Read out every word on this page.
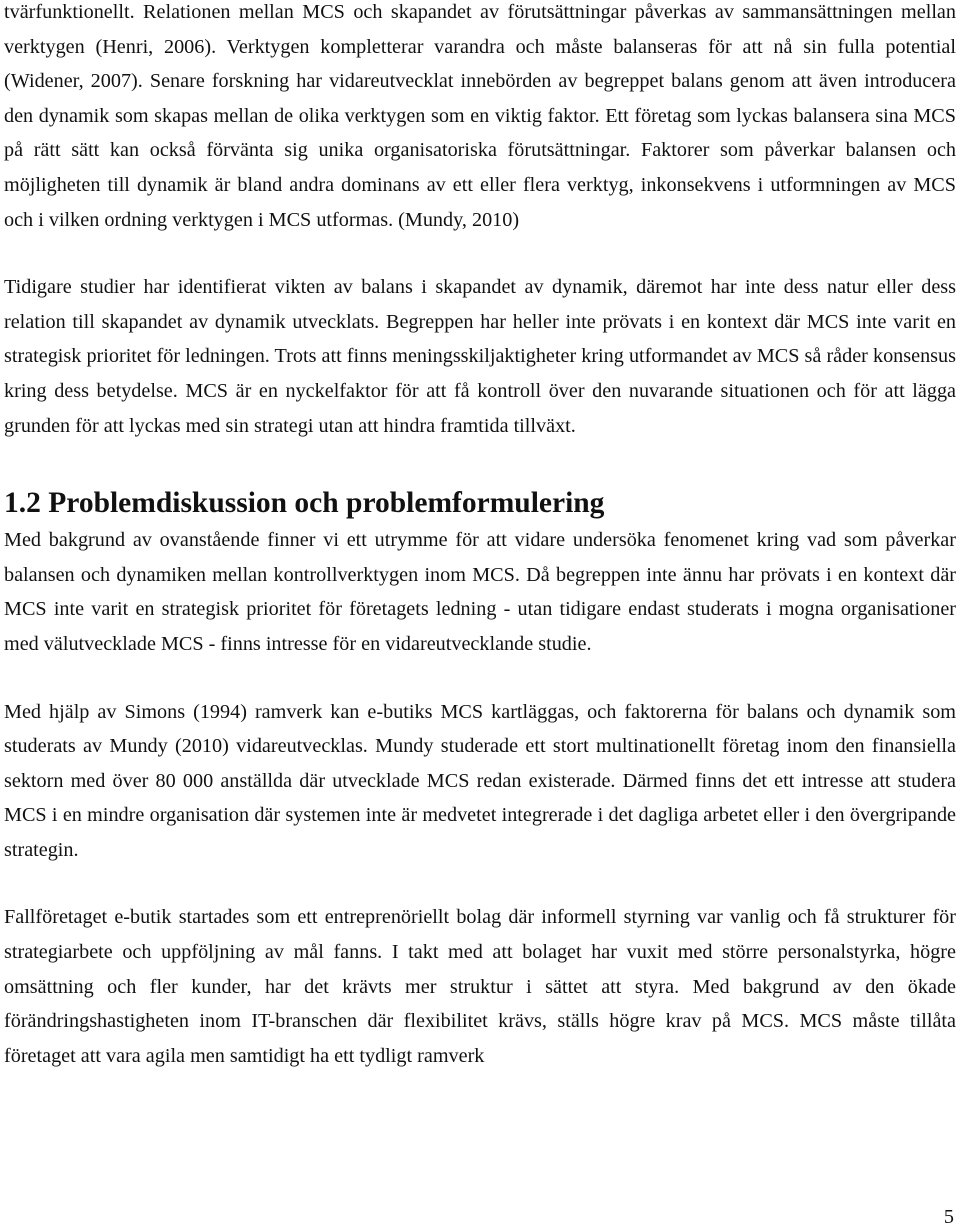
tvärfunktionellt. Relationen mellan MCS och skapandet av förutsättningar påverkas av sammansättningen mellan verktygen (Henri, 2006). Verktygen kompletterar varandra och måste balanseras för att nå sin fulla potential (Widener, 2007). Senare forskning har vidareutvecklat innebörden av begreppet balans genom att även introducera den dynamik som skapas mellan de olika verktygen som en viktig faktor. Ett företag som lyckas balansera sina MCS på rätt sätt kan också förvänta sig unika organisatoriska förutsättningar. Faktorer som påverkar balansen och möjligheten till dynamik är bland andra dominans av ett eller flera verktyg, inkonsekvens i utformningen av MCS och i vilken ordning verktygen i MCS utformas. (Mundy, 2010)

Tidigare studier har identifierat vikten av balans i skapandet av dynamik, däremot har inte dess natur eller dess relation till skapandet av dynamik utvecklats. Begreppen har heller inte prövats i en kontext där MCS inte varit en strategisk prioritet för ledningen. Trots att finns meningsskiljaktigheter kring utformandet av MCS så råder konsensus kring dess betydelse. MCS är en nyckelfaktor för att få kontroll över den nuvarande situationen och för att lägga grunden för att lyckas med sin strategi utan att hindra framtida tillväxt.

1.2 Problemdiskussion och problemformulering

Med bakgrund av ovanstående finner vi ett utrymme för att vidare undersöka fenomenet kring vad som påverkar balansen och dynamiken mellan kontrollverktygen inom MCS. Då begreppen inte ännu har prövats i en kontext där MCS inte varit en strategisk prioritet för företagets ledning - utan tidigare endast studerats i mogna organisationer med välutvecklade MCS - finns intresse för en vidareutvecklande studie.

Med hjälp av Simons (1994) ramverk kan e-butiks MCS kartläggas, och faktorerna för balans och dynamik som studerats av Mundy (2010) vidareutvecklas. Mundy studerade ett stort multinationellt företag inom den finansiella sektorn med över 80 000 anställda där utvecklade MCS redan existerade. Därmed finns det ett intresse att studera MCS i en mindre organisation där systemen inte är medvetet integrerade i det dagliga arbetet eller i den övergripande strategin.

Fallföretaget e-butik startades som ett entreprenöriellt bolag där informell styrning var vanlig och få strukturer för strategiarbete och uppföljning av mål fanns. I takt med att bolaget har vuxit med större personalstyrka, högre omsättning och fler kunder, har det krävts mer struktur i sättet att styra. Med bakgrund av den ökade förändringshastigheten inom IT-branschen där flexibilitet krävs, ställs högre krav på MCS. MCS måste tillåta företaget att vara agila men samtidigt ha ett tydligt ramverk

5
